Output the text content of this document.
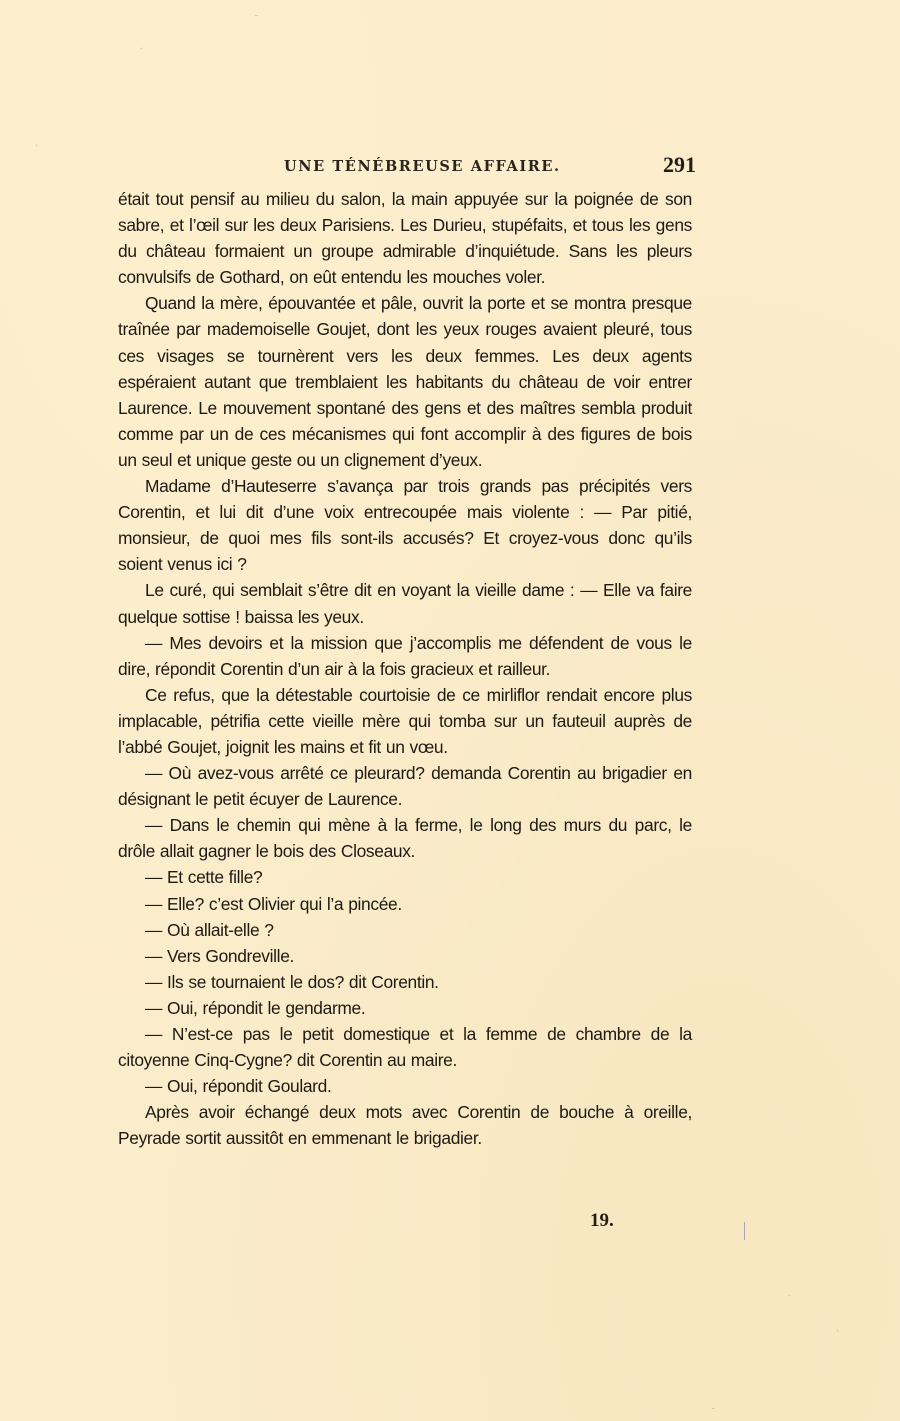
UNE TÉNÉBREUSE AFFAIRE.	291

était tout pensif au milieu du salon, la main appuyée sur la poignée de son sabre, et l’œil sur les deux Parisiens. Les Durieu, stupéfaits, et tous les gens du château formaient un groupe admirable d’inquiétude. Sans les pleurs convulsifs de Gothard, on eût entendu les mouches voler.

Quand la mère, épouvantée et pâle, ouvrit la porte et se montra presque traînée par mademoiselle Goujet, dont les yeux rouges avaient pleuré, tous ces visages se tournèrent vers les deux femmes. Les deux agents espéraient autant que tremblaient les habitants du château de voir entrer Laurence. Le mouvement spontané des gens et des maîtres sembla produit comme par un de ces mécanismes qui font accomplir à des figures de bois un seul et unique geste ou un clignement d’yeux.

Madame d’Hauteserre s’avança par trois grands pas précipités vers Corentin, et lui dit d’une voix entrecoupée mais violente : — Par pitié, monsieur, de quoi mes fils sont-ils accusés? Et croyez-vous donc qu’ils soient venus ici ?

Le curé, qui semblait s’être dit en voyant la vieille dame : — Elle va faire quelque sottise ! baissa les yeux.

— Mes devoirs et la mission que j’accomplis me défendent de vous le dire, répondit Corentin d’un air à la fois gracieux et railleur.

Ce refus, que la détestable courtoisie de ce mirliflor rendait encore plus implacable, pétrifia cette vieille mère qui tomba sur un fauteuil auprès de l’abbé Goujet, joignit les mains et fit un vœu.

— Où avez-vous arrêté ce pleurard? demanda Corentin au brigadier en désignant le petit écuyer de Laurence.

— Dans le chemin qui mène à la ferme, le long des murs du parc, le drôle allait gagner le bois des Closeaux.

— Et cette fille?

— Elle? c’est Olivier qui l’a pincée.

— Où allait-elle ?

— Vers Gondreville.

— Ils se tournaient le dos? dit Corentin.

— Oui, répondit le gendarme.

— N’est-ce pas le petit domestique et la femme de chambre de la citoyenne Cinq-Cygne? dit Corentin au maire.

— Oui, répondit Goulard.

Après avoir échangé deux mots avec Corentin de bouche à oreille, Peyrade sortit aussitôt en emmenant le brigadier.

19.
